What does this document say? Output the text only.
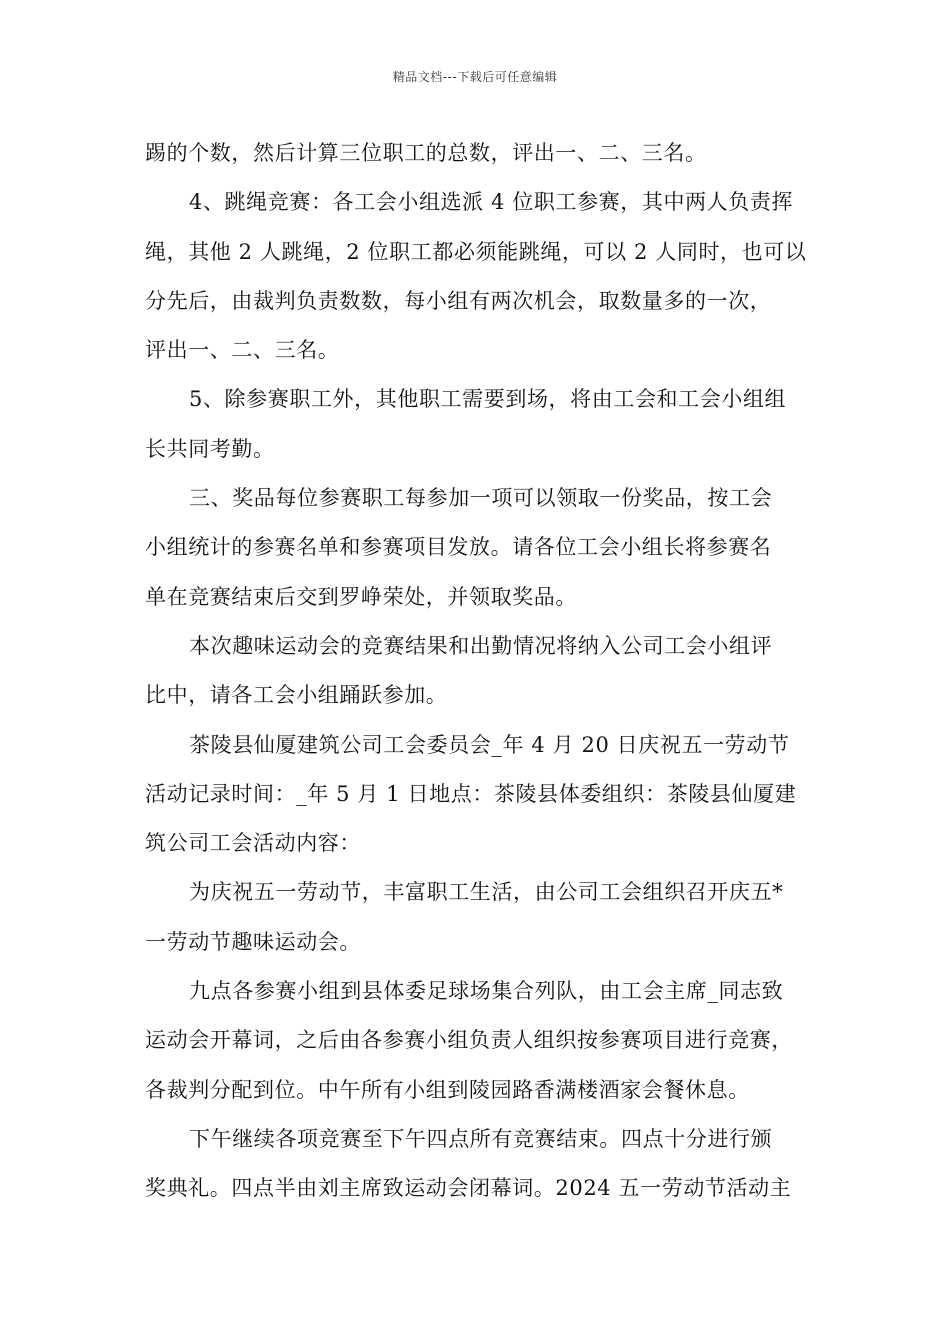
精品文档---下载后可任意编辑
踢的个数，然后计算三位职工的总数，评出一、二、三名。
4、跳绳竞赛：各工会小组选派 4 位职工参赛，其中两人负责挥
绳，其他 2 人跳绳，2 位职工都必须能跳绳，可以 2 人同时，也可以
分先后，由裁判负责数数，每小组有两次机会，取数量多的一次，
评出一、二、三名。
5、除参赛职工外，其他职工需要到场，将由工会和工会小组组
长共同考勤。
三、奖品每位参赛职工每参加一项可以领取一份奖品，按工会
小组统计的参赛名单和参赛项目发放。请各位工会小组长将参赛名
单在竞赛结束后交到罗峥荣处，并领取奖品。
本次趣味运动会的竞赛结果和出勤情况将纳入公司工会小组评
比中，请各工会小组踊跃参加。
茶陵县仙厦建筑公司工会委员会_年 4 月 20 日庆祝五一劳动节
活动记录时间：_年 5 月 1 日地点：茶陵县体委组织：茶陵县仙厦建
筑公司工会活动内容：
为庆祝五一劳动节，丰富职工生活，由公司工会组织召开庆五*
一劳动节趣味运动会。
九点各参赛小组到县体委足球场集合列队，由工会主席_同志致
运动会开幕词，之后由各参赛小组负责人组织按参赛项目进行竞赛，
各裁判分配到位。中午所有小组到陵园路香满楼酒家会餐休息。
下午继续各项竞赛至下午四点所有竞赛结束。四点十分进行颁
奖典礼。四点半由刘主席致运动会闭幕词。2024 五一劳动节活动主
